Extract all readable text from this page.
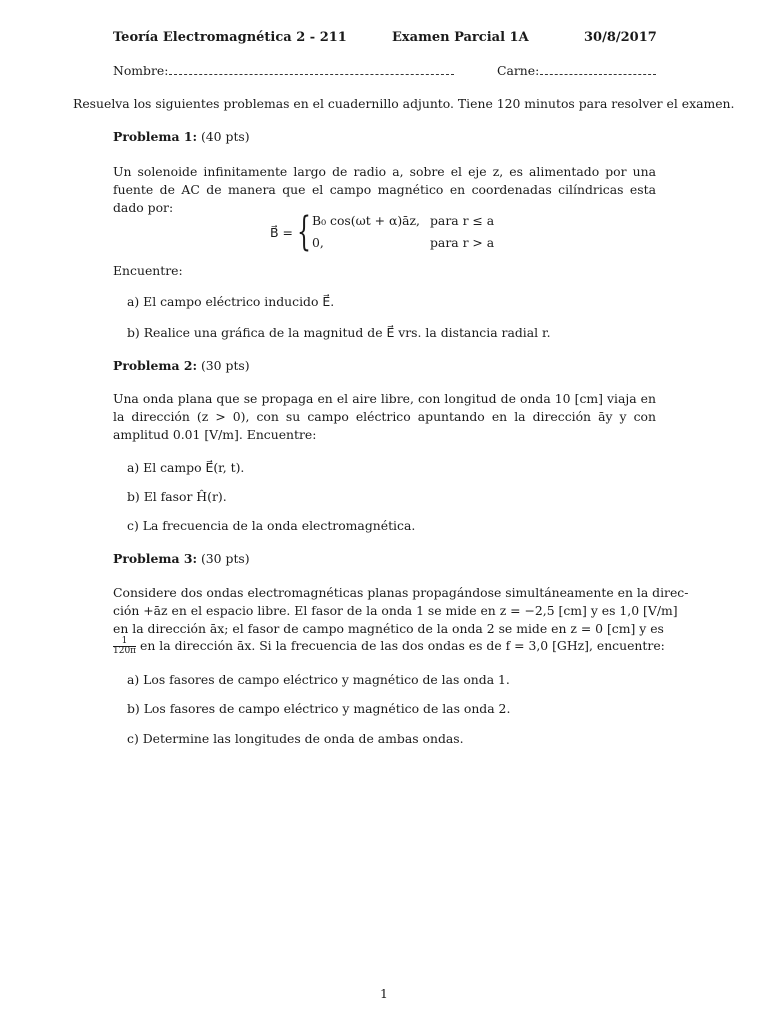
Teoría Electromagnética 2 - 211	Examen Parcial 1A	30/8/2017
Nombre:	Carne:
Resuelva los siguientes problemas en el cuadernillo adjunto. Tiene 120 minutos para resolver el examen.
Problema 1: (40 pts)
Un solenoide infinitamente largo de radio a, sobre el eje z, es alimentado por una fuente de AC de manera que el campo magnético en coordenadas cilíndricas esta dado por:
B⃗ = { B₀ cos(ωt + α)āz, para r ≤ a
0,	para r > a
Encuentre:
a) El campo eléctrico inducido E⃗.
b) Realice una gráfica de la magnitud de E⃗ vrs. la distancia radial r.
Problema 2: (30 pts)
Una onda plana que se propaga en el aire libre, con longitud de onda 10 [cm] viaja en la dirección (z > 0), con su campo eléctrico apuntando en la dirección āy y con amplitud 0.01 [V/m]. Encuentre:
a) El campo E⃗(r, t).
b) El fasor Ĥ(r).
c) La frecuencia de la onda electromagnética.
Problema 3: (30 pts)
Considere dos ondas electromagnéticas planas propagándose simultáneamente en la direc-
ción +āz en el espacio libre. El fasor de la onda 1 se mide en z = −2,5 [cm] y es 1,0 [V/m]
en la dirección āx; el fasor de campo magnético de la onda 2 se mide en z = 0 [cm] y es
$\frac{1}{120\pi}$ en la dirección āx. Si la frecuencia de las dos ondas es de f = 3,0 [GHz], encuentre:
a) Los fasores de campo eléctrico y magnético de las onda 1.
b) Los fasores de campo eléctrico y magnético de las onda 2.
c) Determine las longitudes de onda de ambas ondas.
1
